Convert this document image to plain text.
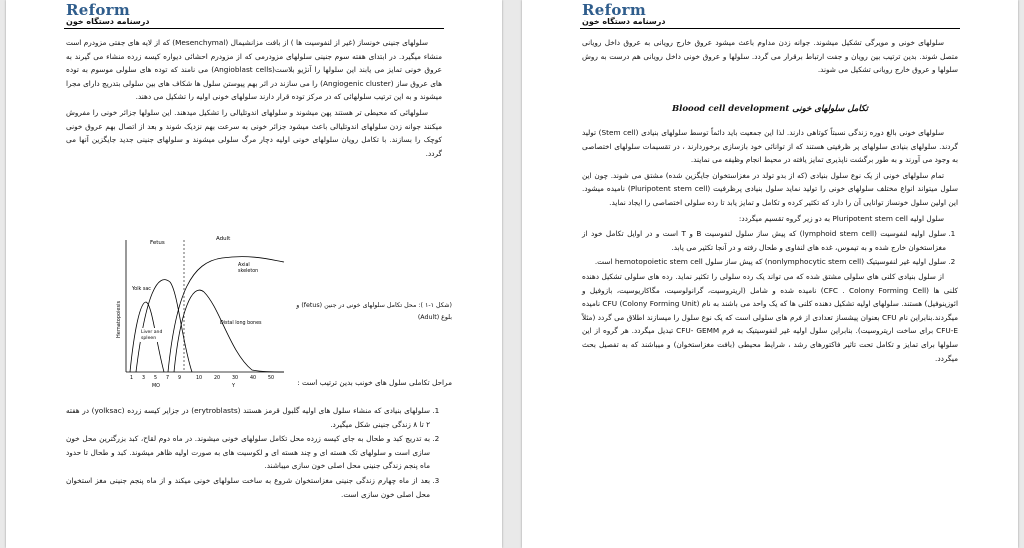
Reform
درسنامه دستگاه خون

سلولهای جنینی خونساز (غیر از لنفوسیت ها ) از بافت مزانشیمال (Mesenchymal) که از لایه های جفتی مزودرم است منشاء میگیرد. در ابتدای هفته سوم جنینی سلولهای مزودرمی که از مزودرم احشائی دیواره کیسه زرده منشاء می گیرند به عروق خونی تمایز می یابند این سلولها را آنژیو بلاست(Angioblast cells) می نامند که توده های سلولی موسوم به توده های عروق ساز (Angiogenic cluster) را می سازند در اثر بهم پیوستن سلول ها شکاف های بین سلولی بتدریج دارای مجرا میشوند و به این ترتیب سلولهائی که در مرکز توده قرار دارند سلولهای خونی اولیه را تشکیل می دهند.

سلولهائی که محیطی تر هستند پهن میشوند و سلولهای اندوتلیالی را تشکیل میدهند. این سلولها جزائر خونی را مفروش میکنند جوانه زدن سلولهای اندوتلیالی باعث میشود جزائر خونی به سرعت بهم نزدیک شوند و بعد از اتصال بهم عروق خونی کوچک را بسازند. با تکامل رویان سلولهای خونی اولیه دچار مرگ سلولی میشوند و سلولهای جنینی جدید جایگزین آنها می گردد.

Fetus
Adult
Yolk sac
Liver and spleen
Axial skeleton
Distal long bones
Hematopoiesis
1 3 5 7 9	10 20 30 40 50
MO	Y
(شکل ۱-۱ ): محل تکامل سلولهای خونی در جنین (fetus) و بلوغ (Adult)
مراحل تکاملی سلول های خونب بدین ترتیب است :
1. سلولهای بنیادی که منشاء سلول های اولیه گلبول قرمز هستند (erytroblasts) در جزایر کیسه زرده (yolksac) در هفته ۲ تا ۸ زندگی جنینی شکل میگیرد.
2. به تدریج کبد و طحال به جای کیسه زرده محل تکامل سلولهای خونی میشوند. در ماه دوم لقاح، کبد بزرگترین محل خون سازی است و سلولهای تک هسته ای و چند هسته ای و لکوسیت های به صورت اولیه ظاهر میشوند. کبد و طحال تا حدود ماه پنجم زندگی جنینی محل اصلی خون سازی میباشند.
3. بعد از ماه چهارم زندگی جنینی مغزاستخوان شروع به ساخت سلولهای خونی میکند و از ماه پنجم جنینی مغز استخوان محل اصلی خون سازی است.
Reform
درسنامه دستگاه خون

سلولهای خونی و مویرگی تشکیل میشوند. جوانه زدن مداوم باعث میشود عروق خارج رویانی به عروق داخل رویانی متصل شوند. بدین ترتیب بین رویان و جفت ارتباط برقرار می گردد. سلولها و عروق خونی داخل رویانی هم درست به روش سلولها و عروق خارج رویانی تشکیل می شوند.

تکامل سلولهای خونی Bloood cell development

سلولهای خونی بالغ دوره زندگی نسبتاً کوتاهی دارند. لذا این جمعیت باید دائماً توسط سلولهای بنیادی (Stem cell) تولید گردند. سلولهای بنیادی سلولهای پر ظرفیتی هستند که از توانائی خود بازسازی برخوردارند ، در تقسیمات سلولهای اختصاصی به وجود می آورند و به طور برگشت ناپذیری تمایز یافته در محیط انجام وظیفه می نمایند.

تمام سلولهای خونی از یک نوع سلول بنیادی (که از بدو تولد در مغزاستخوان جایگزین شده) مشتق می شوند. چون این سلول میتواند انواع مختلف سلولهای خونی را تولید نماید سلول بنیادی پرظرفیت (Pluripotent stem cell) نامیده میشود. این اولین سلول خونساز توانایی آن را دارد که تکثیر کرده و تکامل و تمایز یابد تا رده سلولی اختصاصی را ایجاد نماید.

سلول اولیه Pluripotent stem cell به دو زیر گروه تقسیم میگردد:

1. سلول اولیه لنفوسیت (lymphoid stem cell) که پیش ساز سلول لنفوسیت B و T است و در اوایل تکامل خود از مغزاستخوان خارج شده و به تیموس، غده های لنفاوی و طحال رفته و در آنجا تکثیر می یابد.
2. سلول اولیه غیر لنفوسیتیک (nonlymphocytic stem cell) که پیش ساز سلول hemotopoietic stem cell است.

از سلول بنیادی کلنی های سلولی مشتق شده که می تواند یک رده سلولی را تکثیر نماید. رده های سلولی تشکیل دهنده کلنی ها (CFC . Colony Forming Cell) نامیده شده و شامل (اریتروسیت، گرانولوسیت، مگاکاریوسیت، بازوفیل و ائوزینوفیل) هستند. سلولهای اولیه تشکیل دهنده کلنی ها که یک واحد می باشند به نام CFU (Colony Forming Unit) نامیده میگردند.بنابراین نام CFU بعنوان پیشساز تعدادی از فرم های سلولی است که یک نوع سلول را میسازند اطلاق می گردد (مثلاً CFU-E برای ساخت اریتروسیت). بنابراین سلول اولیه غیر لنفوسیتیک به فرم CFU- GEMM تبدیل میگردد. هر گروه از این سلولها برای تمایز و تکامل تحت تاثیر فاکتورهای رشد ، شرایط محیطی (بافت مغزاستخوان) و میباشند که به تفصیل بحث میگردد.
